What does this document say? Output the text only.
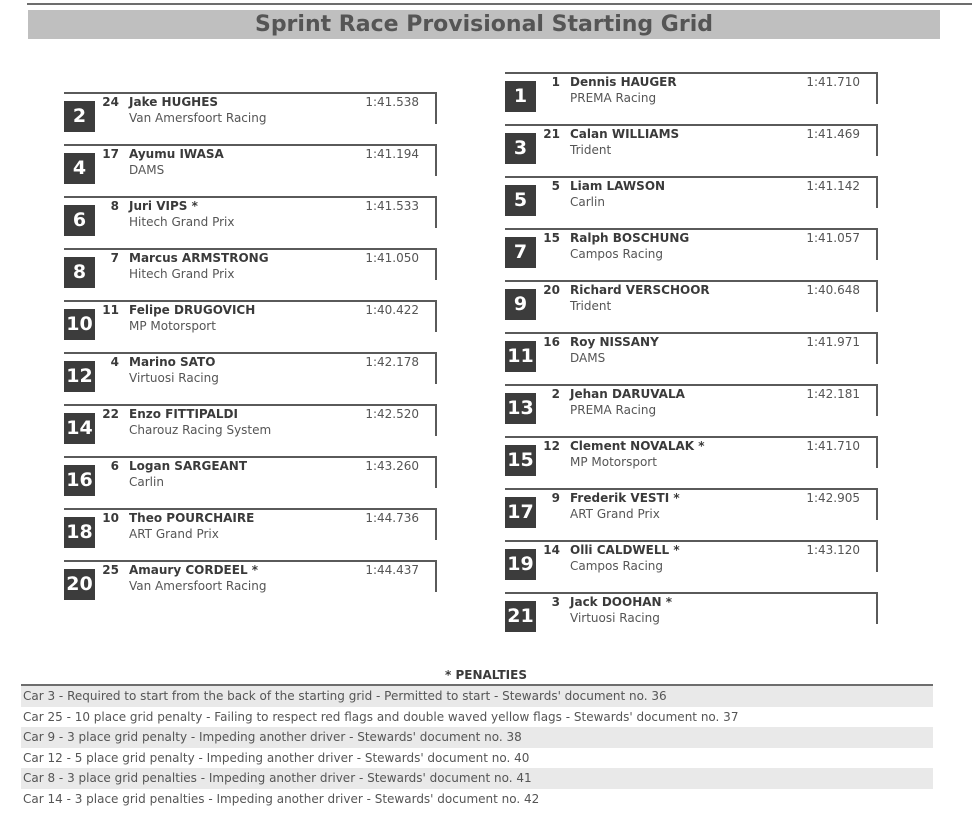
Sprint Race Provisional Starting Grid
2
24 Jake HUGHES
Van Amersfoort Racing
1:41.538
4
17 Ayumu IWASA
DAMS
1:41.194
6
8 Juri VIPS *
Hitech Grand Prix
1:41.533
8
7 Marcus ARMSTRONG
Hitech Grand Prix
1:41.050
10
11 Felipe DRUGOVICH
MP Motorsport
1:40.422
12
4 Marino SATO
Virtuosi Racing
1:42.178
14
22 Enzo FITTIPALDI
Charouz Racing System
1:42.520
16
6 Logan SARGEANT
Carlin
1:43.260
18
10 Theo POURCHAIRE
ART Grand Prix
1:44.736
20
25 Amaury CORDEEL *
Van Amersfoort Racing
1:44.437
1
1 Dennis HAUGER
PREMA Racing
1:41.710
3
21 Calan WILLIAMS
Trident
1:41.469
5
5 Liam LAWSON
Carlin
1:41.142
7
15 Ralph BOSCHUNG
Campos Racing
1:41.057
9
20 Richard VERSCHOOR
Trident
1:40.648
11
16 Roy NISSANY
DAMS
1:41.971
13
2 Jehan DARUVALA
PREMA Racing
1:42.181
15
12 Clement NOVALAK *
MP Motorsport
1:41.710
17
9 Frederik VESTI *
ART Grand Prix
1:42.905
19
14 Olli CALDWELL *
Campos Racing
1:43.120
21
3 Jack DOOHAN *
Virtuosi Racing
* PENALTIES
Car 3 - Required to start from the back of the starting grid - Permitted to start - Stewards' document no. 36
Car 25 - 10 place grid penalty - Failing to respect red flags and double waved yellow flags - Stewards' document no. 37
Car 9 - 3 place grid penalty - Impeding another driver - Stewards' document no. 38
Car 12 - 5 place grid penalty - Impeding another driver - Stewards' document no. 40
Car 8 - 3 place grid penalties - Impeding another driver - Stewards' document no. 41
Car 14 - 3 place grid penalties - Impeding another driver - Stewards' document no. 42
